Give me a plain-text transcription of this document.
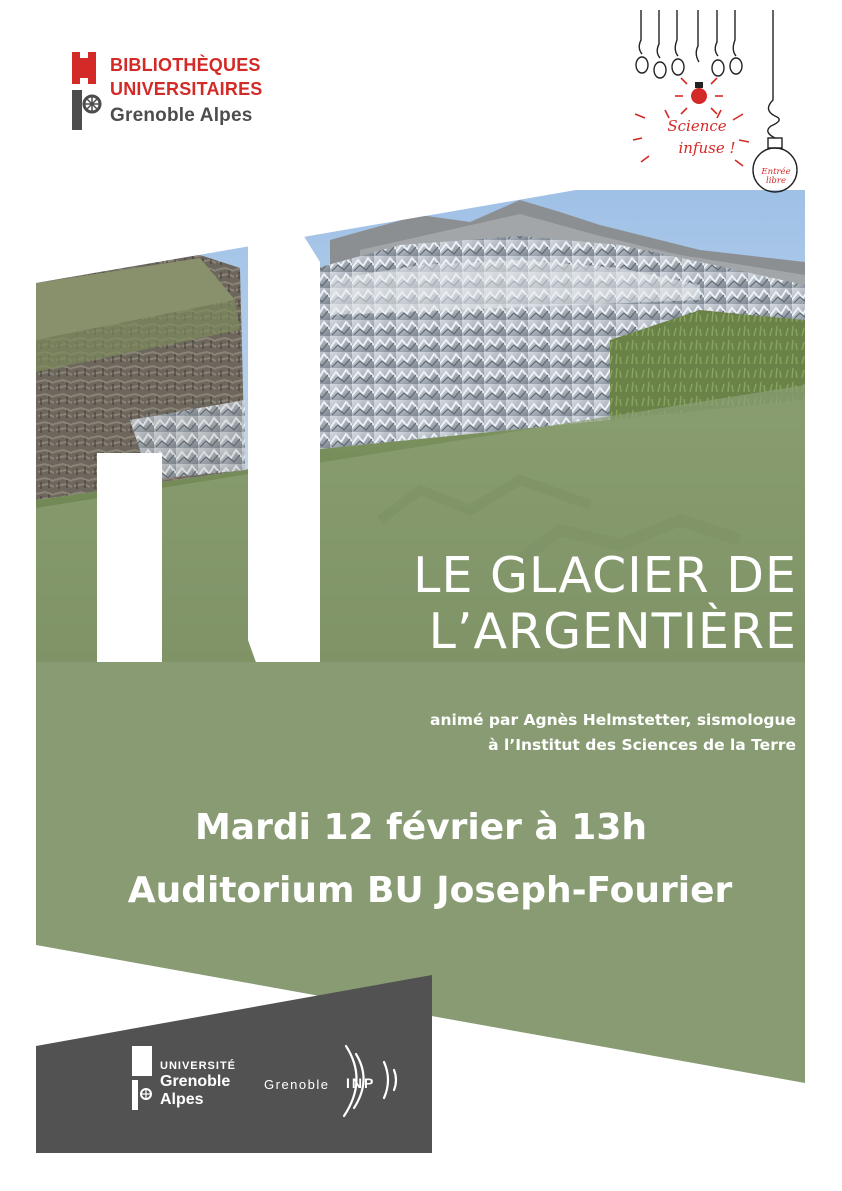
BIBLIOTHÈQUES
UNIVERSITAIRES
Grenoble Alpes	Science
infuse !
Entrée
libre
LE GLACIER DE
L’ARGENTIÈRE
animé par Agnès Helmstetter, sismologue
à l’Institut des Sciences de la Terre
Mardi 12 février à 13h
Auditorium BU Joseph-Fourier
UNIVERSITÉ
Grenoble
Alpes
Grenoble INP
